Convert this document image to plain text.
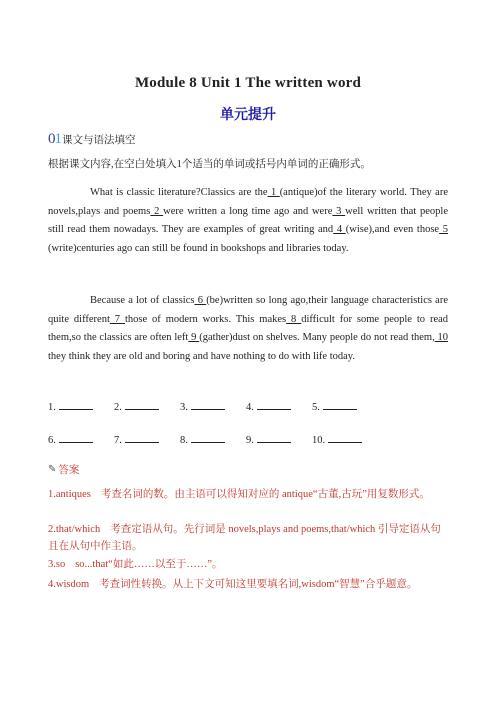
Module 8 Unit 1 The written word
单元提升
01 课文与语法填空
根据课文内容,在空白处填入1个适当的单词或括号内单词的正确形式。
What is classic literature?Classics are the 1 (antique)of the literary world. They are novels,plays and poems 2 were written a long time ago and were 3 well written that people still read them nowadays. They are examples of great writing and 4 (wise),and even those 5 (write)centuries ago can still be found in bookshops and libraries today.
Because a lot of classics 6 (be)written so long ago,their language characteristics are quite different 7 those of modern works. This makes 8 difficult for some people to read them,so the classics are often left 9 (gather)dust on shelves. Many people do not read them, 10 they think they are old and boring and have nothing to do with life today.
1.	2.	3.	4.	5.
6.	7.	8.	9.	10.
✎ 答案
1.antiques 考查名词的数。由主语可以得知对应的 antique“古董,古玩”用复数形式。
2.that/which 考查定语从句。先行词是 novels,plays and poems,that/which 引导定语从句且在从句中作主语。
3.so so...that“如此……以至于……”。
4.wisdom 考查词性转换。从上下文可知这里要填名词,wisdom“智慧”合乎题意。
